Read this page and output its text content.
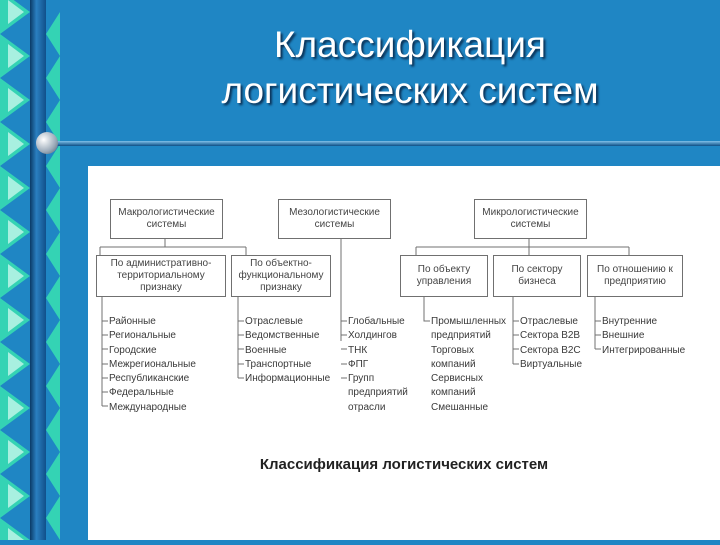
Классификация
логистических систем
Макрологистические системы
Мезологистические системы
Микрологистические системы
По административно-территориальному признаку
По объектно-функциональному признаку
По объекту управления
По сектору бизнеса
По отношению к предприятию
Районные
Региональные
Городские
Межрегиональные
Республиканские
Федеральные
Международные
Отраслевые
Ведомственные
Военные
Транспортные
Информационные
Глобальные
Холдингов
ТНК
ФПГ
Групп
предприятий
отрасли
Промышленных
предприятий
Торговых
компаний
Сервисных
компаний
Смешанные
Отраслевые
Сектора B2B
Сектора B2C
Виртуальные
Внутренние
Внешние
Интегрированные
Классификация логистических систем
